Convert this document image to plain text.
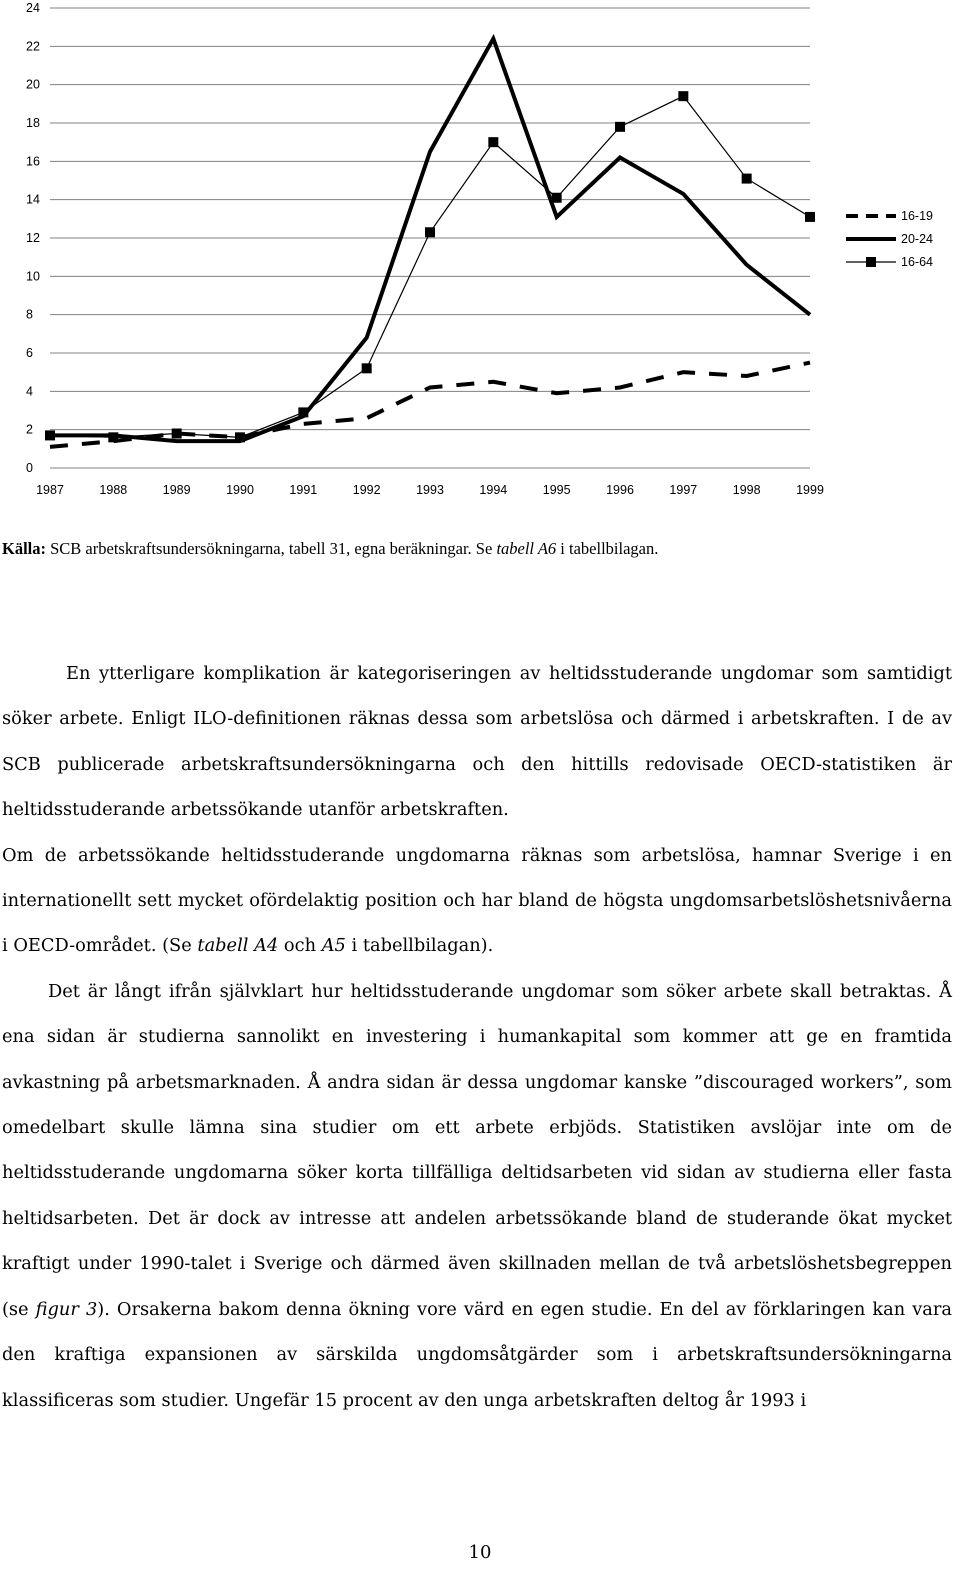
0
2
4
6
8
10
12
14
16
18
20
22
24
1987	1988	1989	1990	1991	1992	1993	1994	1995	1996	1997	1998	1999
16-19
20-24
16-64
Källa: SCB arbetskraftsundersökningarna, tabell 31, egna beräkningar. Se tabell A6 i tabellbilagan.

En ytterligare komplikation är kategoriseringen av heltidsstuderande ungdomar som samtidigt söker arbete. Enligt ILO-definitionen räknas dessa som arbetslösa och därmed i arbetskraften. I de av SCB publicerade arbetskraftsundersökningarna och den hittills redovisade OECD-statistiken är heltidsstuderande arbetssökande utanför arbetskraften.

Om de arbetssökande heltidsstuderande ungdomarna räknas som arbetslösa, hamnar Sverige i en internationellt sett mycket ofördelaktig position och har bland de högsta ungdomsarbetslöshetsnivåerna i OECD-området. (Se tabell A4 och A5 i tabellbilagan).

Det är långt ifrån självklart hur heltidsstuderande ungdomar som söker arbete skall betraktas. Å ena sidan är studierna sannolikt en investering i humankapital som kommer att ge en framtida avkastning på arbetsmarknaden. Å andra sidan är dessa ungdomar kanske ”discouraged workers”, som omedelbart skulle lämna sina studier om ett arbete erbjöds. Statistiken avslöjar inte om de heltidsstuderande ungdomarna söker korta tillfälliga deltidsarbeten vid sidan av studierna eller fasta heltidsarbeten. Det är dock av intresse att andelen arbetssökande bland de studerande ökat mycket kraftigt under 1990-talet i Sverige och därmed även skillnaden mellan de två arbetslöshetsbegreppen (se figur 3). Orsakerna bakom denna ökning vore värd en egen studie. En del av förklaringen kan vara den kraftiga expansionen av särskilda ungdomsåtgärder som i arbetskraftsundersökningarna klassificeras som studier. Ungefär 15 procent av den unga arbetskraften deltog år 1993 i

10
